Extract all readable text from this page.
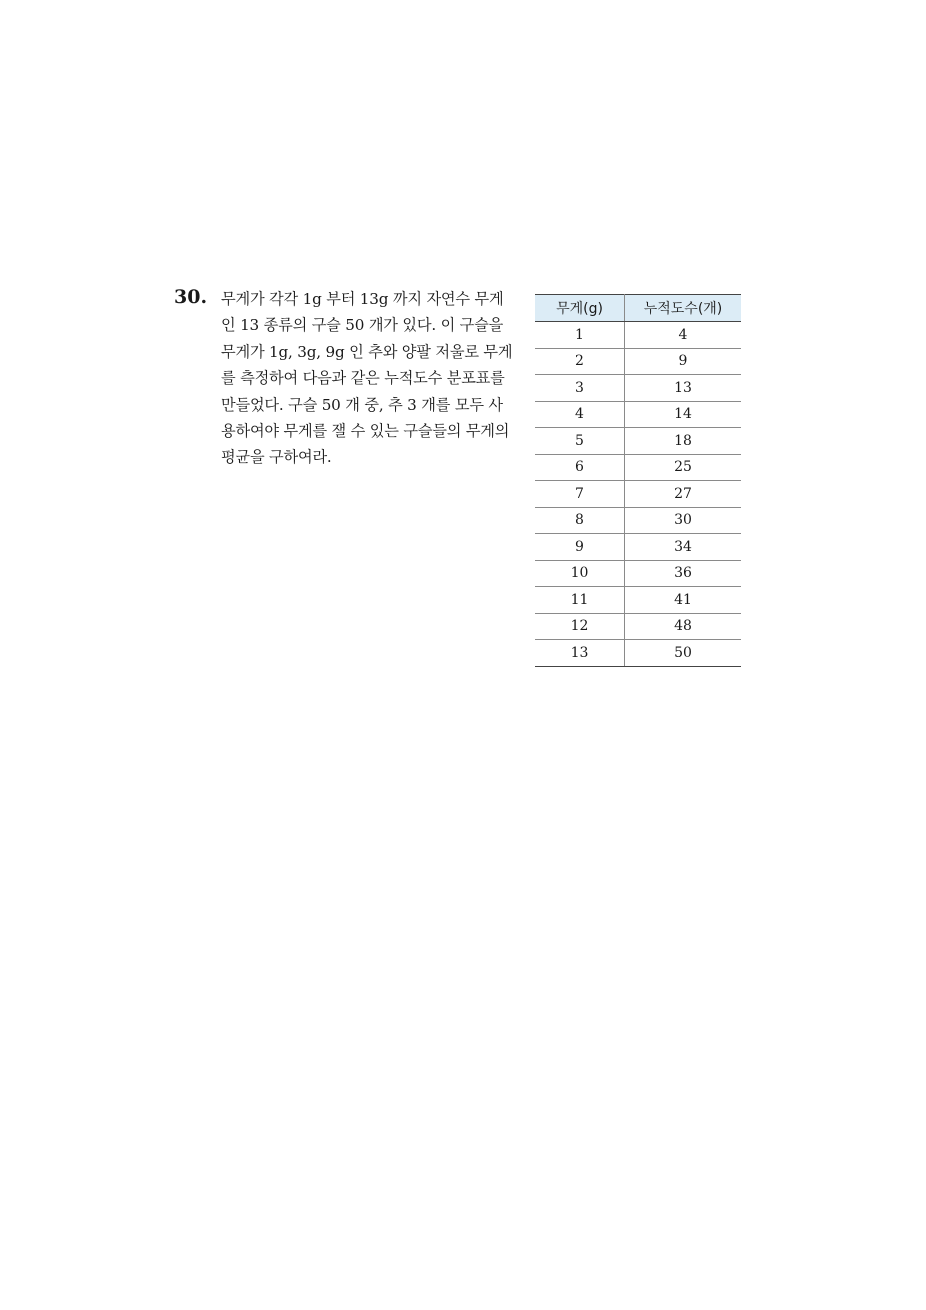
30. 무게가 각각 1g 부터 13g 까지 자연수 무게
인 13 종류의 구슬 50 개가 있다. 이 구슬을
무게가 1g, 3g, 9g 인 추와 양팔 저울로 무게
를 측정하여 다음과 같은 누적도수 분포표를
만들었다. 구슬 50 개 중, 추 3 개를 모두 사
용하여야 무게를 잴 수 있는 구슬들의 무게의
평균을 구하여라.
무게(g)	누적도수(개)
1	4
2	9
3	13
4	14
5	18
6	25
7	27
8	30
9	34
10	36
11	41
12	48
13	50
